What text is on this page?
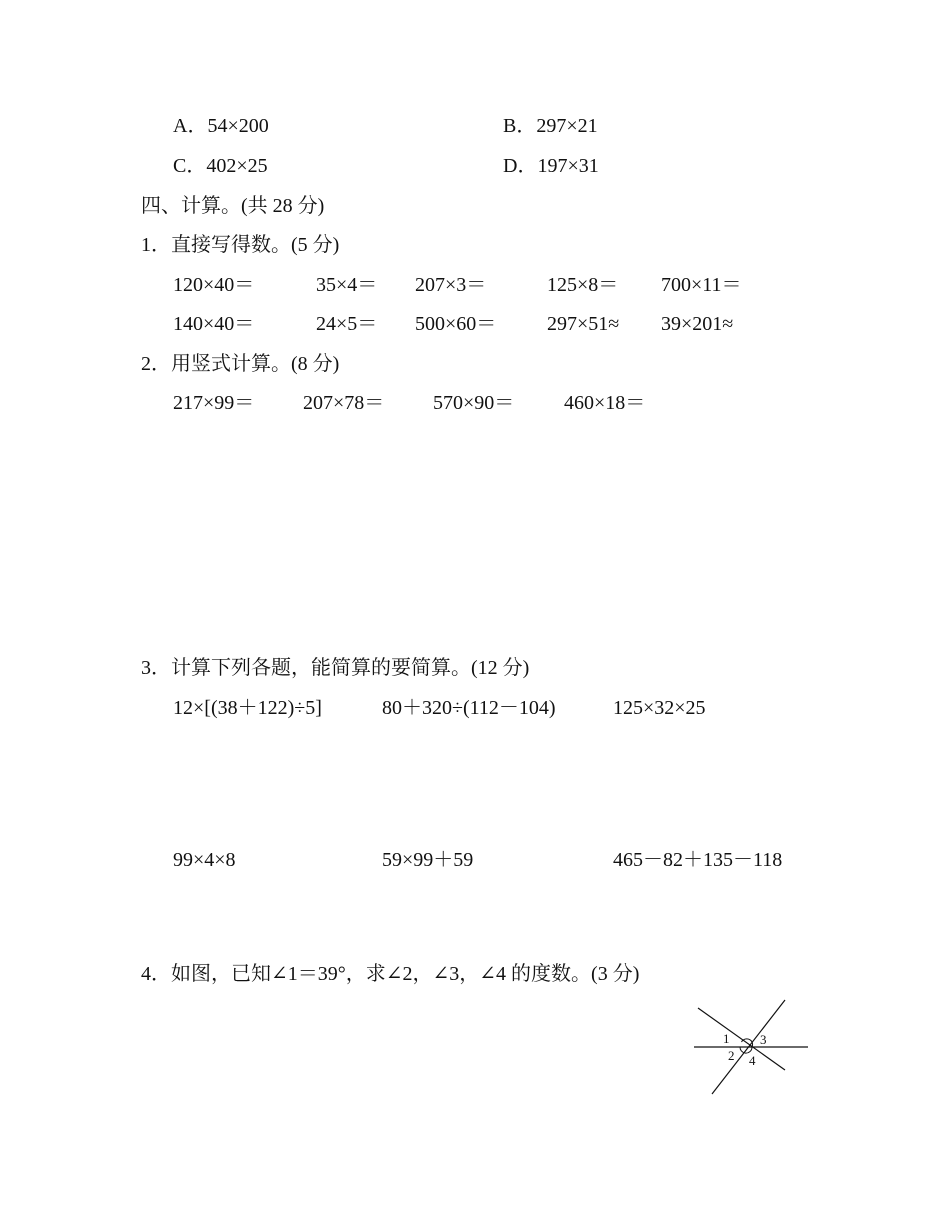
A．54×200	B．297×21
C．402×25	D．197×31
四、计算。(共 28 分)
1．直接写得数。(5 分)
120×40＝	35×4＝ 207×3＝	125×8＝ 700×11＝
140×40＝	24×5＝ 500×60＝	297×51≈ 39×201≈
2．用竖式计算。(8 分)
217×99＝ 207×78＝ 570×90＝ 460×18＝
3．计算下列各题，能简算的要简算。(12 分)
12×[(38＋122)÷5]	80＋320÷(112－104)	125×32×25
99×4×8	59×99＋59	465－82＋135－118
4．如图，已知∠1＝39°，求∠2，∠3，∠4 的度数。(3 分)
1
2
3
4
